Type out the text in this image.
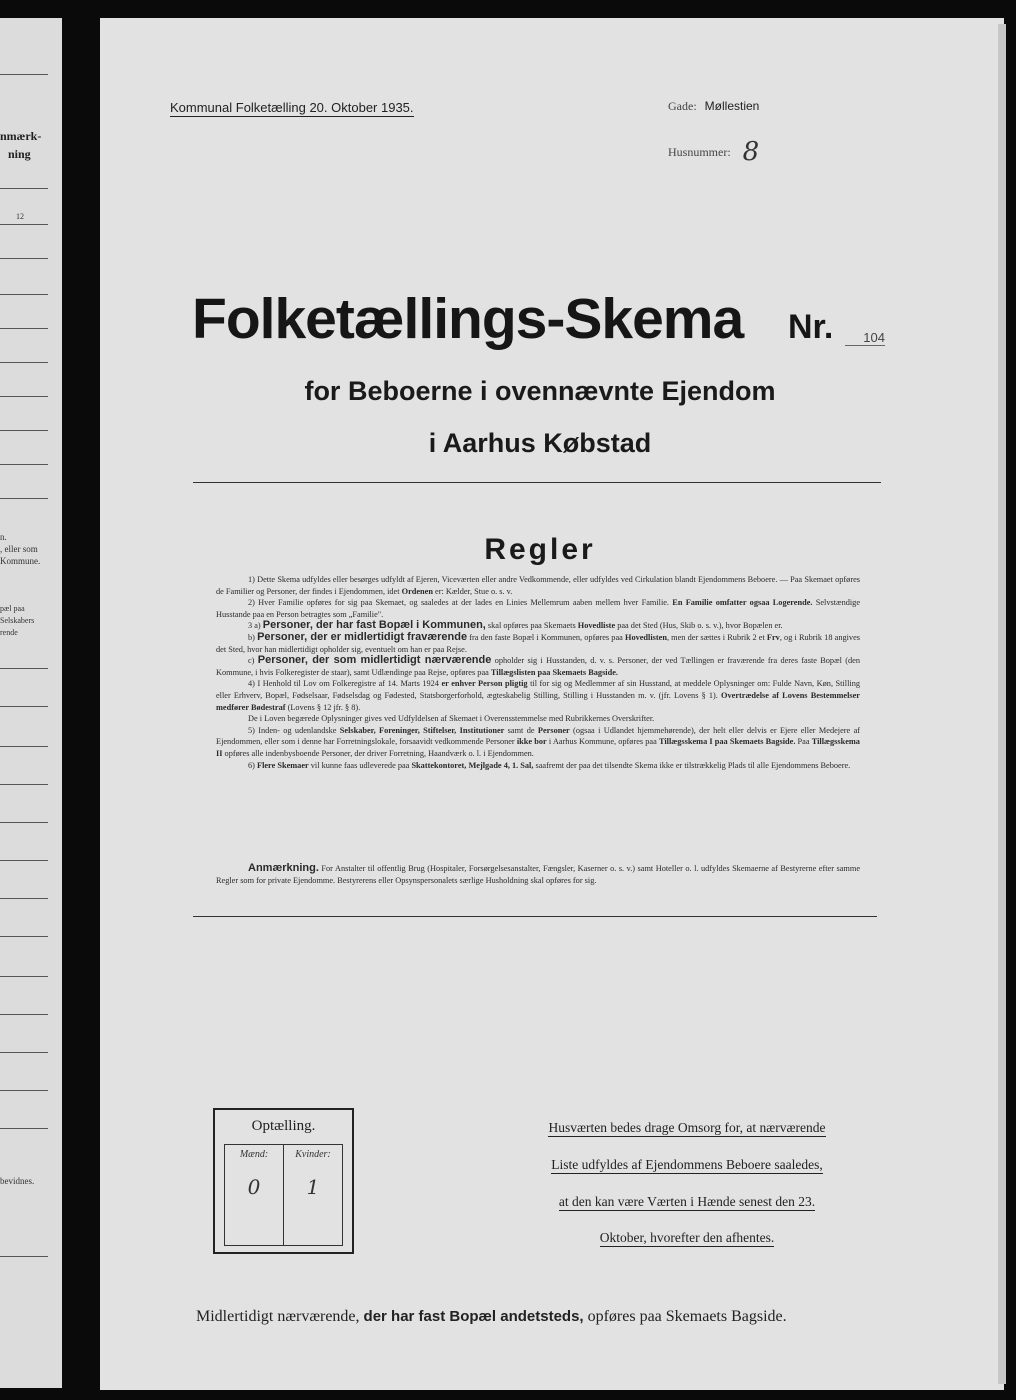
nmærk-
ning
12
n.
, eller som
Kommune.
pæl paa
Selskabers
rende
bevidnes.
Kommunal Folketælling 20. Oktober 1935.	Gade: Møllestien
Husnummer: 8
Folketællings-Skema Nr.	104
for Beboerne i ovennævnte Ejendom
i Aarhus Købstad
Regler

1) Dette Skema udfyldes eller besørges udfyldt af Ejeren, Viceværten eller andre Vedkommende, eller udfyldes ved Cirkulation blandt Ejendommens Beboere. — Paa Skemaet opføres de Familier og Personer, der findes i Ejendommen, idet Ordenen er: Kælder, Stue o. s. v.

2) Hver Familie opføres for sig paa Skemaet, og saaledes at der lades en Linies Mellemrum aaben mellem hver Familie. En Familie omfatter ogsaa Logerende. Selvstændige Husstande paa en Person betragtes som „Familie".

3 a) Personer, der har fast Bopæl i Kommunen, skal opføres paa Skemaets Hovedliste paa det Sted (Hus, Skib o. s. v.), hvor Bopælen er.

b) Personer, der er midlertidigt fraværende fra den faste Bopæl i Kommunen, opføres paa Hovedlisten, men der sættes i Rubrik 2 et Frv, og i Rubrik 18 angives det Sted, hvor han midlertidigt opholder sig, eventuelt om han er paa Rejse.

c) Personer, der som midlertidigt nærværende opholder sig i Husstanden, d. v. s. Personer, der ved Tællingen er fraværende fra deres faste Bopæl (den Kommune, i hvis Folkeregister de staar), samt Udlændinge paa Rejse, opføres paa Tillægslisten paa Skemaets Bagside.

4) I Henhold til Lov om Folkeregistre af 14. Marts 1924 er enhver Person pligtig til for sig og Medlemmer af sin Husstand, at meddele Oplysninger om: Fulde Navn, Køn, Stilling eller Erhverv, Bopæl, Fødselsaar, Fødselsdag og Fødested, Statsborgerforhold, ægteskabelig Stilling, Stilling i Husstanden m. v. (jfr. Lovens § 1). Overtrædelse af Lovens Bestemmelser medfører Bødestraf (Lovens § 12 jfr. § 8).

De i Loven begærede Oplysninger gives ved Udfyldelsen af Skemaet i Overensstemmelse med Rubrikkernes Overskrifter.

5) Inden- og udenlandske Selskaber, Foreninger, Stiftelser, Institutioner samt de Personer (ogsaa i Udlandet hjemmehørende), der helt eller delvis er Ejere eller Medejere af Ejendommen, eller som i denne har Forretningslokale, forsaavidt vedkommende Personer ikke bor i Aarhus Kommune, opføres paa Tillægsskema I paa Skemaets Bagside. Paa Tillægsskema II opføres alle indenbysboende Personer, der driver Forretning, Haandværk o. l. i Ejendommen.

6) Flere Skemaer vil kunne faas udleverede paa Skattekontoret, Mejlgade 4, 1. Sal, saafremt der paa det tilsendte Skema ikke er tilstrækkelig Plads til alle Ejendommens Beboere.

Anmærkning. For Anstalter til offentlig Brug (Hospitaler, Forsørgelsesanstalter, Fængsler, Kaserner o. s. v.) samt Hoteller o. l. udfyldes Skemaerne af Bestyrerne efter samme Regler som for private Ejendomme. Bestyrerens eller Opsynspersonalets særlige Husholdning skal opføres for sig.
Optælling.
Mænd:
0
Kvinder:
1
Husværten bedes drage Omsorg for, at nærværende
Liste udfyldes af Ejendommens Beboere saaledes,
at den kan være Værten i Hænde senest den 23.
Oktober, hvorefter den afhentes.
Midlertidigt nærværende, der har fast Bopæl andetsteds, opføres paa Skemaets Bagside.
